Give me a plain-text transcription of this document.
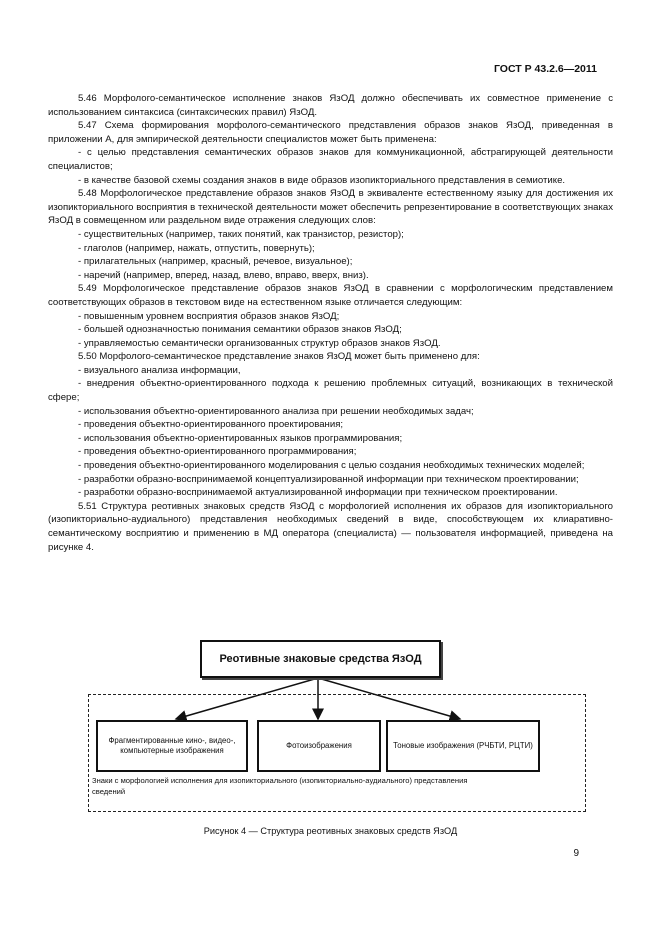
ГОСТ Р 43.2.6—2011

5.46 Морфолого-семантическое исполнение знаков ЯзОД должно обеспечивать их совместное применение с использованием синтаксиса (синтаксических правил) ЯзОД.

5.47 Схема формирования морфолого-семантического представления образов знаков ЯзОД, приведенная в приложении А, для эмпирической деятельности специалистов может быть применена:

- с целью представления семантических образов знаков для коммуникационной, абстрагирующей деятельности специалистов;

- в качестве базовой схемы создания знаков в виде образов изопиктoриального представления в семиотике.

5.48 Морфологическое представление образов знаков ЯзОД в эквиваленте естественному языку для достижения их изопиктoриального восприятия в технической деятельности может обеспечить репрезентирование в соответствующих знаках ЯзОД в совмещенном или раздельном виде отражения следующих слов:

- существительных (например, таких понятий, как транзистор, резистор);

- глаголов (например, нажать, отпустить, повернуть);

- прилагательных (например, красный, речевое, визуальное);

- наречий (например, вперед, назад, влево, вправо, вверх, вниз).

5.49 Морфологическое представление образов знаков ЯзОД в сравнении с морфологическим представлением соответствующих образов в текстовом виде на естественном языке отличается следующим:

- повышенным уровнем восприятия образов знаков ЯзОД;

- большей однозначностью понимания семантики образов знаков ЯзОД;

- управляемостью семантически организованных структур образов знаков ЯзОД.

5.50 Морфолого-семантическое представление знаков ЯзОД может быть применено для:

- визуального анализа информации,

- внедрения объектно-ориентированного подхода к решению проблемных ситуаций, возникающих в технической сфере;

- использования объектно-ориентированного анализа при решении необходимых задач;

- проведения объектно-ориентированного проектирования;

- использования объектно-ориентированных языков программирования;

- проведения объектно-ориентированного программирования;

- проведения объектно-ориентированного моделирования с целью создания необходимых технических моделей;

- разработки образно-воспринимаемой концептуализированной информации при техническом проектировании;

- разработки образно-воспринимаемой актуализированной информации при техническом проектировании.

5.51 Структура реотивных знаковых средств ЯзОД с морфологией исполнения их образов для изопиктoриального (изопиктoриально-аудиального) представления необходимых сведений в виде, способствующем их клиаративно-семантическому восприятию и применению в МД оператора (специалиста) — пользователя информацией, приведена на рисунке 4.

Реотивные знаковые средства ЯзОД
Фрагментированные кино-, видео-, компьютерные изображения
Фотоизображения	Тоновые изображения (РЧБТИ, РЦТИ)
Знаки с морфологией исполнения для изопиктoриального (изопиктoриально-аудиального) представления сведений
Рисунок 4 — Структура реотивных знаковых средств ЯзОД
9
